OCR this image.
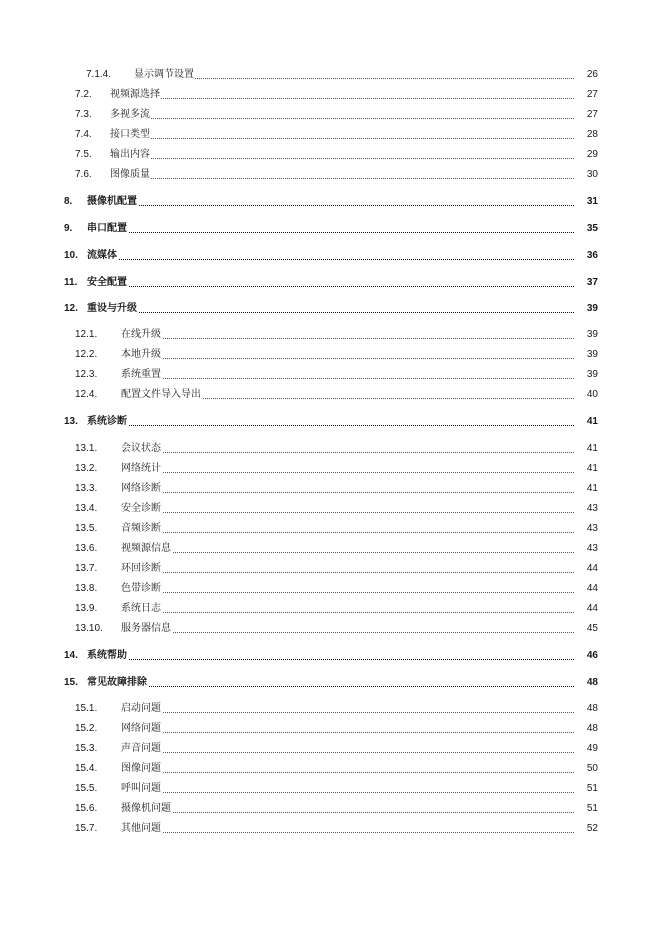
7.1.4. 显示调节设置	26
7.2. 视频源选择	27
7.3. 多视多流	27
7.4. 接口类型	28
7.5. 输出内容	29
7.6. 图像质量	30
8. 摄像机配置	31
9. 串口配置	35
10. 流媒体	36
11. 安全配置	37
12. 重设与升级	39
12.1. 在线升级	39
12.2. 本地升级	39
12.3. 系统重置	39
12.4. 配置文件导入导出	40
13. 系统诊断	41
13.1. 会议状态	41
13.2. 网络统计	41
13.3. 网络诊断	41
13.4. 安全诊断	43
13.5. 音频诊断	43
13.6. 视频源信息	43
13.7. 环回诊断	44
13.8. 色带诊断	44
13.9. 系统日志	44
13.10. 服务器信息	45
14. 系统帮助	46
15. 常见故障排除	48
15.1. 启动问题	48
15.2. 网络问题	48
15.3. 声音问题	49
15.4. 图像问题	50
15.5. 呼叫问题	51
15.6. 摄像机问题	51
15.7. 其他问题	52
